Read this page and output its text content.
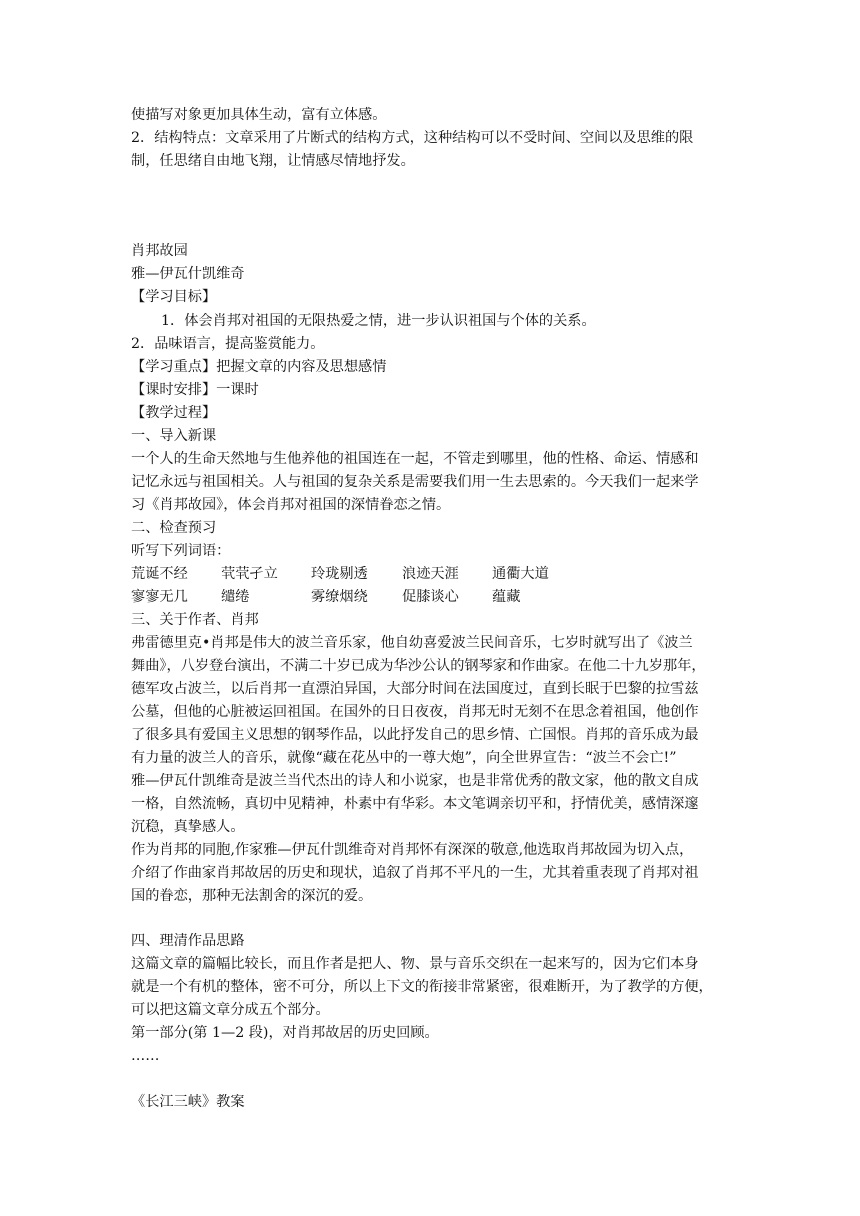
使描写对象更加具体生动，富有立体感。
2．结构特点：文章采用了片断式的结构方式，这种结构可以不受时间、空间以及思维的限
制，任思绪自由地飞翔，让情感尽情地抒发。
肖邦故园
雅—伊瓦什凯维奇
【学习目标】
1．体会肖邦对祖国的无限热爱之情，进一步认识祖国与个体的关系。
2．品味语言，提高鉴赏能力。
【学习重点】把握文章的内容及思想感情
【课时安排】一课时
【教学过程】
一、导入新课
一个人的生命天然地与生他养他的祖国连在一起，不管走到哪里，他的性格、命运、情感和
记忆永远与祖国相关。人与祖国的复杂关系是需要我们用一生去思索的。今天我们一起来学
习《肖邦故园》，体会肖邦对祖国的深情眷恋之情。
二、检查预习
听写下列词语：
荒诞不经 茕茕孑立 玲珑剔透 浪迹天涯 通衢大道
寥寥无几 缱绻	雾缭烟绕 促膝谈心 蕴藏
三、关于作者、肖邦
弗雷德里克•肖邦是伟大的波兰音乐家，他自幼喜爱波兰民间音乐，七岁时就写出了《波兰
舞曲》，八岁登台演出，不满二十岁已成为华沙公认的钢琴家和作曲家。在他二十九岁那年，
德军攻占波兰，以后肖邦一直漂泊异国，大部分时间在法国度过，直到长眠于巴黎的拉雪兹
公墓，但他的心脏被运回祖国。在国外的日日夜夜，肖邦无时无刻不在思念着祖国，他创作
了很多具有爱国主义思想的钢琴作品，以此抒发自己的思乡情、亡国恨。肖邦的音乐成为最
有力量的波兰人的音乐，就像“藏在花丛中的一尊大炮”，向全世界宣告：“波兰不会亡!”
雅—伊瓦什凯维奇是波兰当代杰出的诗人和小说家，也是非常优秀的散文家，他的散文自成
一格，自然流畅，真切中见精神，朴素中有华彩。本文笔调亲切平和，抒情优美，感情深邃
沉稳，真挚感人。
作为肖邦的同胞,作家雅—伊瓦什凯维奇对肖邦怀有深深的敬意,他选取肖邦故园为切入点，
介绍了作曲家肖邦故居的历史和现状，追叙了肖邦不平凡的一生，尤其着重表现了肖邦对祖
国的眷恋，那种无法割舍的深沉的爱。
四、理清作品思路
这篇文章的篇幅比较长，而且作者是把人、物、景与音乐交织在一起来写的，因为它们本身
就是一个有机的整体，密不可分，所以上下文的衔接非常紧密，很难断开，为了教学的方便，
可以把这篇文章分成五个部分。
第一部分(第 1—2 段)，对肖邦故居的历史回顾。
……
《长江三峡》教案
